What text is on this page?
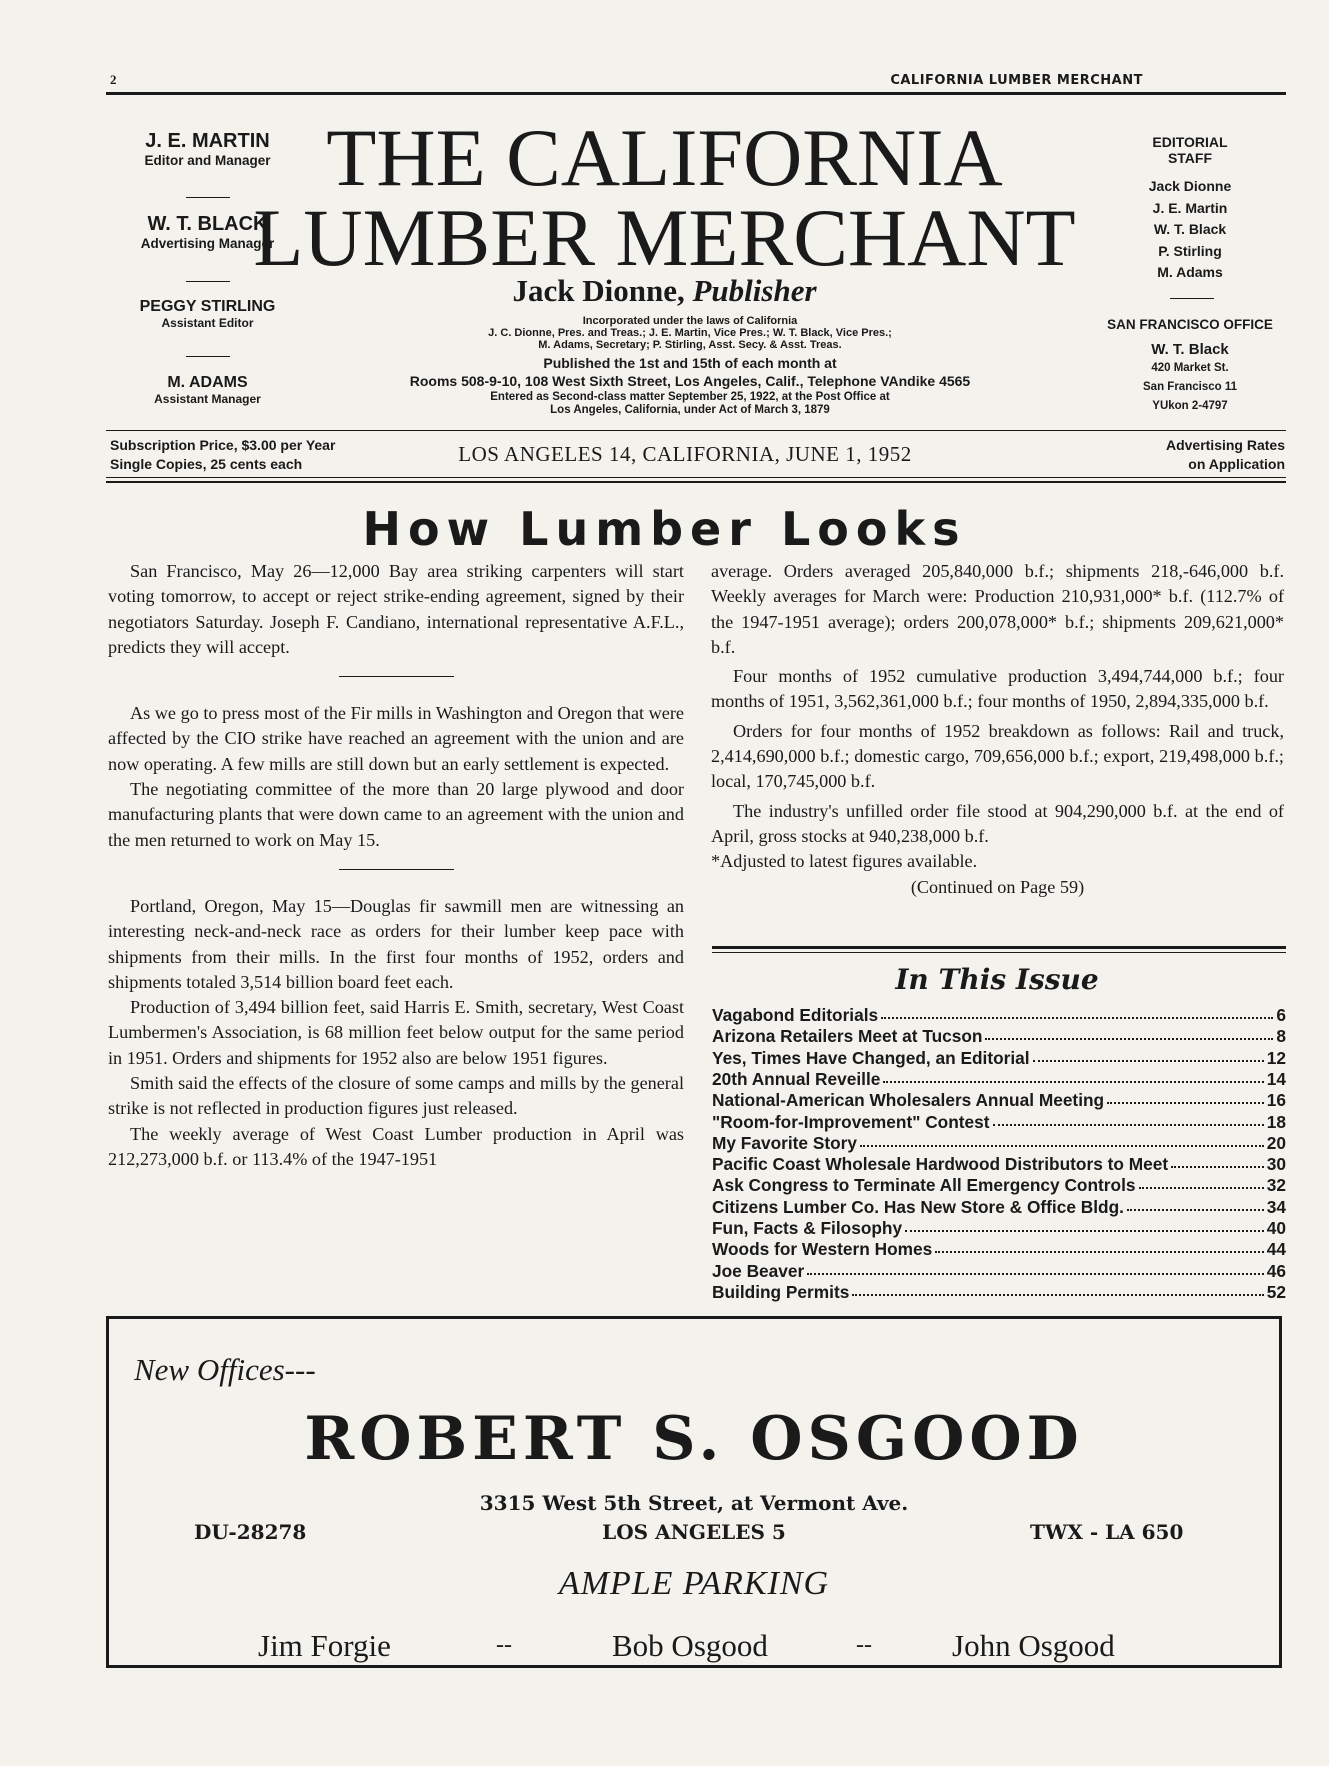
2	CALIFORNIA LUMBER MERCHANT
J. E. MARTIN
Editor and Manager
W. T. BLACK
Advertising Manager
PEGGY STIRLING
Assistant Editor
M. ADAMS
Assistant Manager
THE CALIFORNIA
LUMBER MERCHANT
Jack Dionne, Publisher
Incorporated under the laws of California
J. C. Dionne, Pres. and Treas.; J. E. Martin, Vice Pres.; W. T. Black, Vice Pres.;
M. Adams, Secretary; P. Stirling, Asst. Secy. & Asst. Treas.
Published the 1st and 15th of each month at
Rooms 508-9-10, 108 West Sixth Street, Los Angeles, Calif., Telephone VAndike 4565
Entered as Second-class matter September 25, 1922, at the Post Office at
Los Angeles, California, under Act of March 3, 1879
EDITORIAL
STAFF
Jack Dionne
J. E. Martin
W. T. Black
P. Stirling
M. Adams
SAN FRANCISCO OFFICE
W. T. Black
420 Market St.
San Francisco 11
YUkon 2-4797
Subscription Price, $3.00 per Year
Single Copies, 25 cents each	LOS ANGELES 14, CALIFORNIA, JUNE 1, 1952	Advertising Rates
on Application
How Lumber Looks

San Francisco, May 26—12,000 Bay area striking carpenters will start voting tomorrow, to accept or reject strike-ending agreement, signed by their negotiators Saturday. Joseph F. Candiano, international representative A.F.L., predicts they will accept.

As we go to press most of the Fir mills in Washington and Oregon that were affected by the CIO strike have reached an agreement with the union and are now operating. A few mills are still down but an early settlement is expected.

The negotiating committee of the more than 20 large plywood and door manufacturing plants that were down came to an agreement with the union and the men returned to work on May 15.

Portland, Oregon, May 15—Douglas fir sawmill men are witnessing an interesting neck-and-neck race as orders for their lumber keep pace with shipments from their mills. In the first four months of 1952, orders and shipments totaled 3,514 billion board feet each.

Production of 3,494 billion feet, said Harris E. Smith, secretary, West Coast Lumbermen's Association, is 68 million feet below output for the same period in 1951. Orders and shipments for 1952 also are below 1951 figures.

Smith said the effects of the closure of some camps and mills by the general strike is not reflected in production figures just released.

The weekly average of West Coast Lumber production in April was 212,273,000 b.f. or 113.4% of the 1947-1951

average. Orders averaged 205,840,000 b.f.; shipments 218,-646,000 b.f. Weekly averages for March were: Production 210,931,000* b.f. (112.7% of the 1947-1951 average); orders 200,078,000* b.f.; shipments 209,621,000* b.f.

Four months of 1952 cumulative production 3,494,744,000 b.f.; four months of 1951, 3,562,361,000 b.f.; four months of 1950, 2,894,335,000 b.f.

Orders for four months of 1952 breakdown as follows: Rail and truck, 2,414,690,000 b.f.; domestic cargo, 709,656,000 b.f.; export, 219,498,000 b.f.; local, 170,745,000 b.f.

The industry's unfilled order file stood at 904,290,000 b.f. at the end of April, gross stocks at 940,238,000 b.f.

*Adjusted to latest figures available.

(Continued on Page 59)

In This Issue
Vagabond Editorials	6
Arizona Retailers Meet at Tucson	8
Yes, Times Have Changed, an Editorial	12
20th Annual Reveille	14
National-American Wholesalers Annual Meeting	16
"Room-for-Improvement" Contest	18
My Favorite Story	20
Pacific Coast Wholesale Hardwood Distributors to Meet	30
Ask Congress to Terminate All Emergency Controls	32
Citizens Lumber Co. Has New Store & Office Bldg.	34
Fun, Facts & Filosophy	40
Woods for Western Homes	44
Joe Beaver	46
Building Permits	52
New Offices---
ROBERT S. OSGOOD
3315 West 5th Street, at Vermont Ave.
LOS ANGELES 5
DU-28278	TWX - LA 650
AMPLE PARKING
Jim Forgie	--	Bob Osgood	--	John Osgood
